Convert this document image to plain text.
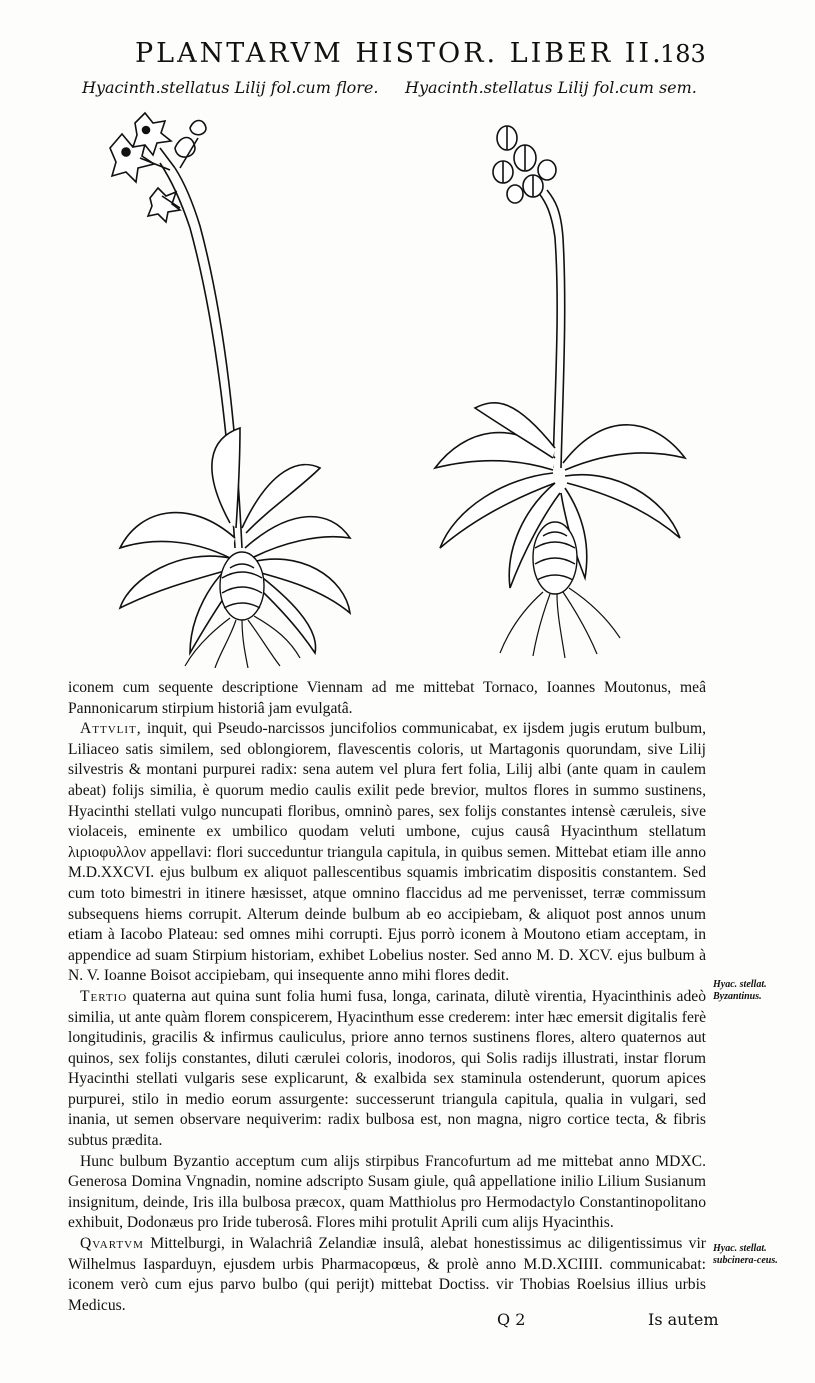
PLANTARVM HISTOR. LIBER II.
183
Hyacinth.stellatus Lilij fol.cum flore. Hyacinth.stellatus Lilij fol.cum sem.

iconem cum sequente descriptione Viennam ad me mittebat Tornaco, Ioannes Moutonus, meâ Pannonicarum stirpium historiâ jam evulgatâ.

Attvlit, inquit, qui Pseudo-narcissos juncifolios communicabat, ex ijsdem jugis erutum bulbum, Liliaceo satis similem, sed oblongiorem, flavescentis coloris, ut Martagonis quorundam, sive Lilij silvestris & montani purpurei radix: sena autem vel plura fert folia, Lilij albi (ante quam in caulem abeat) folijs similia, è quorum medio caulis exilit pede brevior, multos flores in summo sustinens, Hyacinthi stellati vulgo nuncupati floribus, omninò pares, sex folijs constantes intensè cæruleis, sive violaceis, eminente ex umbilico quodam veluti umbone, cujus causâ Hyacinthum stellatum λιριοφυλλον appellavi: flori succeduntur triangula capitula, in quibus semen. Mittebat etiam ille anno M.D.XXCVI. ejus bulbum ex aliquot pallescentibus squamis imbricatim dispositis constantem. Sed cum toto bimestri in itinere hæsisset, atque omnino flaccidus ad me pervenisset, terræ commissum subsequens hiems corrupit. Alterum deinde bulbum ab eo accipiebam, & aliquot post annos unum etiam à Iacobo Plateau: sed omnes mihi corrupti. Ejus porrò iconem à Moutono etiam acceptam, in appendice ad suam Stirpium historiam, exhibet Lobelius noster. Sed anno M. D. XCV. ejus bulbum à N. V. Ioanne Boisot accipiebam, qui insequente anno mihi flores dedit.

Tertio quaterna aut quina sunt folia humi fusa, longa, carinata, dilutè virentia, Hyacinthinis adeò similia, ut ante quàm florem conspicerem, Hyacinthum esse crederem: inter hæc emersit digitalis ferè longitudinis, gracilis & infirmus cauliculus, priore anno ternos sustinens flores, altero quaternos aut quinos, sex folijs constantes, diluti cærulei coloris, inodoros, qui Solis radijs illustrati, instar florum Hyacinthi stellati vulgaris sese explicarunt, & exalbida sex staminula ostenderunt, quorum apices purpurei, stilo in medio eorum assurgente: successerunt triangula capitula, qualia in vulgari, sed inania, ut semen observare nequiverim: radix bulbosa est, non magna, nigro cortice tecta, & fibris subtus prædita.

Hunc bulbum Byzantio acceptum cum alijs stirpibus Francofurtum ad me mittebat anno MDXC. Generosa Domina Vngnadin, nomine adscripto Susam giule, quâ appellatione inilio Lilium Susianum insignitum, deinde, Iris illa bulbosa præcox, quam Matthiolus pro Hermodactylo Constantinopolitano exhibuit, Dodonæus pro Iride tuberosâ. Flores mihi protulit Aprili cum alijs Hyacinthis.

Qvartvm Mittelburgi, in Walachriâ Zelandiæ insulâ, alebat honestissimus ac diligentissimus vir Wilhelmus Iasparduyn, ejusdem urbis Pharmacopœus, & prolè anno M.D.XCIIII. communicabat: iconem verò cum ejus parvo bulbo (qui perijt) mittebat Doctiss. vir Thobias Roelsius illius urbis Medicus.

Hyac. stellat. Byzantinus.
Hyac. stellat. subcinera-ceus.
Q 2	Is autem
